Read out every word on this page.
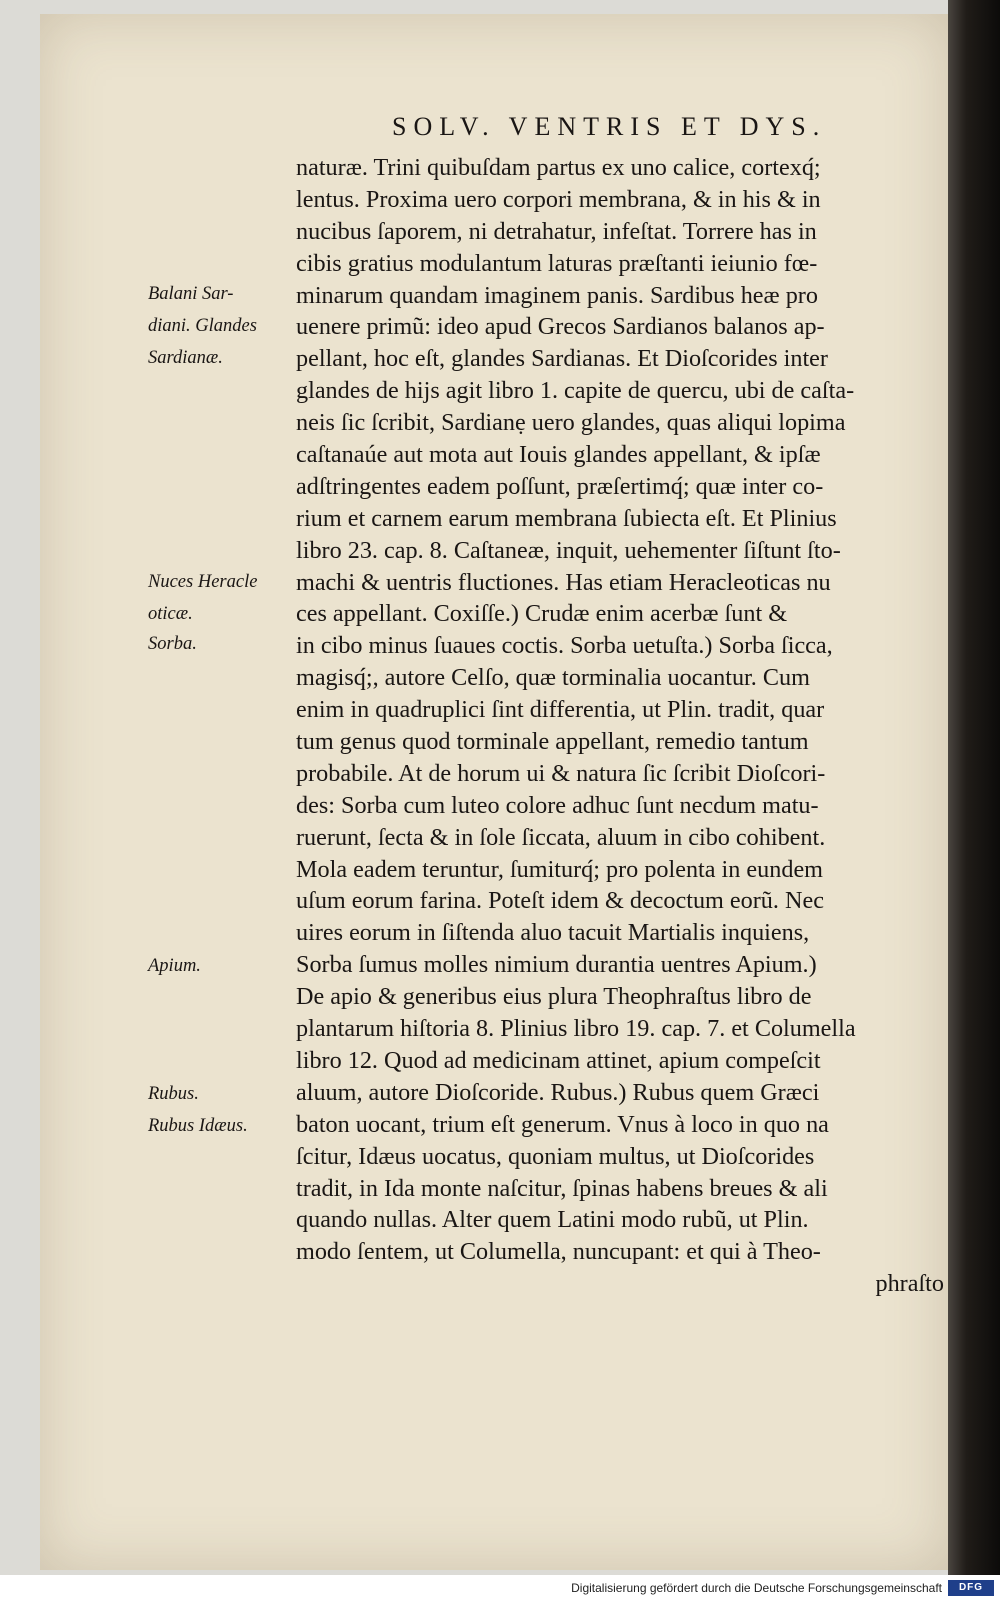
SOLV. VENTRIS ET DYS.
Balani Sar-
diani. Glandes
Sardianæ.
Nuces Heracle
oticæ.
Sorba.
Apium.
Rubus.
Rubus Idæus.
naturæ. Trini quibuſdam partus ex uno calice, corteхq́;
lentus. Proxima uero corpori membrana, & in his & in
nucibus ſaporem, ni detrahatur, infeſtat. Torrere has in
cibis gratius modulantum laturas præſtanti ieiunio fœ-
minarum quandam imaginem panis. Sardibus heæ pro
uenere primũ: ideo apud Grecos Sardianos balanos ap-
pellant, hoc eſt, glandes Sardianas. Et Dioſcorides inter
glandes de hijs agit libro 1. capite de quercu, ubi de caſta-
neis ſic ſcribit, Sardianẹ uero glandes, quas aliqui lopima
caſtanaúe aut mota aut Iouis glandes appellant, & ipſæ
adſtringentes eadem poſſunt, præſertimq́; quæ inter co-
rium et carnem earum membrana ſubiecta eſt. Et Plinius
libro 23. cap. 8. Caſtaneæ, inquit, uehementer ſiſtunt ſto-
machi & uentris fluctiones. Has etiam Heracleoticas nu
ces appellant. Coxiſſe.) Crudæ enim acerbæ ſunt &
in cibo minus ſuaues coctis. Sorba uetuſta.) Sorba ſicca,
magisq́;, autore Celſo, quæ torminalia uocantur. Cum
enim in quadruplici ſint differentia, ut Plin. tradit, quar
tum genus quod torminale appellant, remedio tantum
probabile. At de horum ui & natura ſic ſcribit Dioſcori-
des: Sorba cum luteo colore adhuc ſunt necdum matu-
ruerunt, ſecta & in ſole ſiccata, aluum in cibo cohibent.
Mola eadem teruntur, ſumiturq́; pro polenta in eundem
uſum eorum farina. Poteſt idem & decoctum eorũ. Nec
uires eorum in ſiſtenda aluo tacuit Martialis inquiens,
Sorba ſumus molles nimium durantia uentres Apium.)
De apio & generibus eius plura Theophraſtus libro de
plantarum hiſtoria 8. Plinius libro 19. cap. 7. et Columella
libro 12. Quod ad medicinam attinet, apium compeſcit
aluum, autore Dioſcoride. Rubus.) Rubus quem Græci
baton uocant, trium eſt generum. Vnus à loco in quo na
ſcitur, Idæus uocatus, quoniam multus, ut Dioſcorides
tradit, in Ida monte naſcitur, ſpinas habens breues & ali
quando nullas. Alter quem Latini modo rubũ, ut Plin.
modo ſentem, ut Columella, nuncupant: et qui à Theo-
phraſto
Digitalisierung gefördert durch die Deutsche Forschungsgemeinschaft	DFG
